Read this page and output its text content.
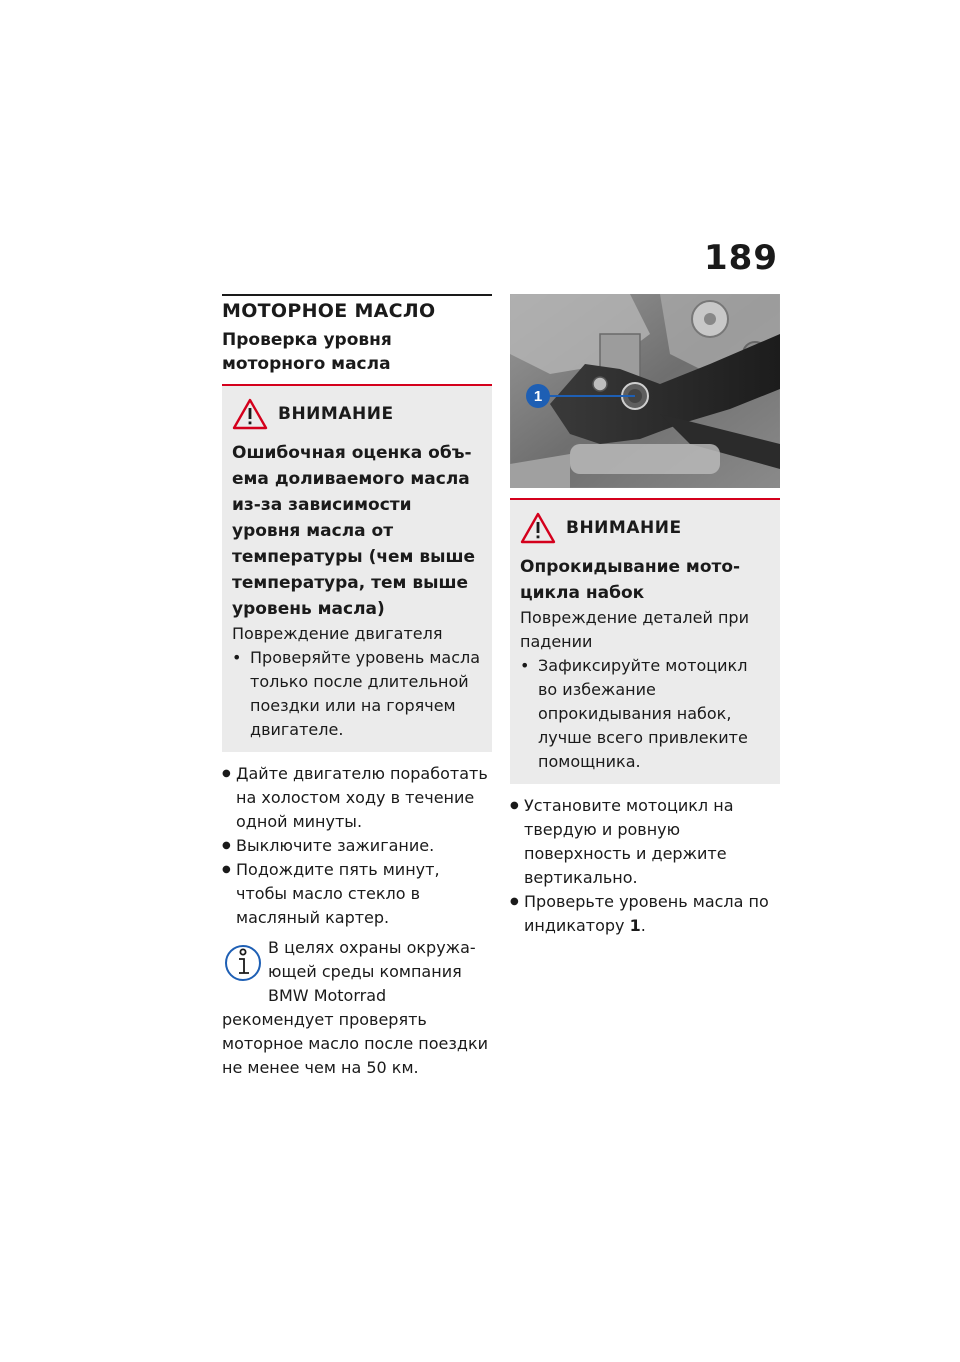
189
МОТОРНОЕ МАСЛО
Проверка уровня моторного масла
ВНИМАНИЕ
Ошибочная оценка объема доливаемого масла из-за зависимости уровня масла от температуры (чем выше температура, тем выше уровень масла)
Повреждение двигателя
• Проверяйте уровень масла только после длительной поездки или на горячем двигателе.
● Дайте двигателю поработать на холостом ходу в течение одной минуты.
● Выключите зажигание.
● Подождите пять минут, чтобы масло стекло в масляный картер.
В целях охраны окружающей среды компания BMW Motorrad рекомендует проверять моторное масло после поездки не менее чем на 50 км.
1
ВНИМАНИЕ
Опрокидывание мотоцикла набок
Повреждение деталей при падении
• Зафиксируйте мотоцикл во избежание опрокидывания набок, лучше всего привлеките помощника.
● Установите мотоцикл на твердую и ровную поверхность и держите вертикально.
● Проверьте уровень масла по индикатору 1.
